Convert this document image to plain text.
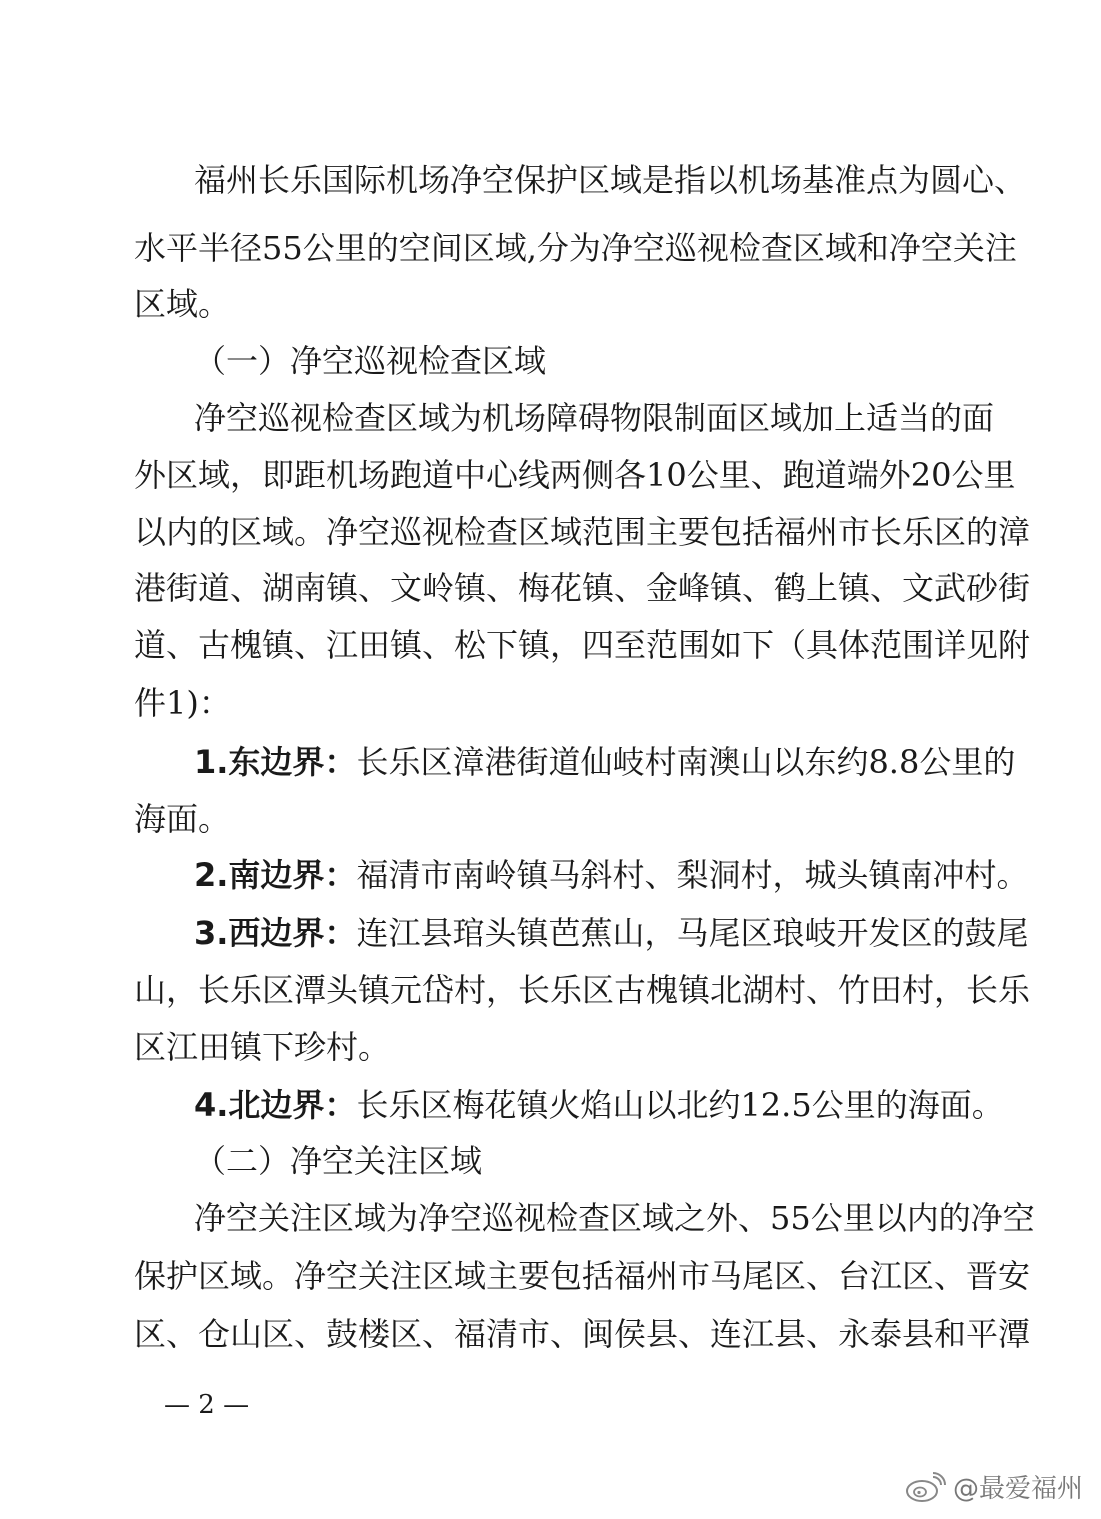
福州长乐国际机场净空保护区域是指以机场基准点为圆心、
水平半径55公里的空间区域,分为净空巡视检查区域和净空关注
区域。
（一）净空巡视检查区域
净空巡视检查区域为机场障碍物限制面区域加上适当的面
外区域，即距机场跑道中心线两侧各10公里、跑道端外20公里
以内的区域。净空巡视检查区域范围主要包括福州市长乐区的漳
港街道、湖南镇、文岭镇、梅花镇、金峰镇、鹤上镇、文武砂街
道、古槐镇、江田镇、松下镇，四至范围如下（具体范围详见附
件1)：
1.东边界：长乐区漳港街道仙岐村南澳山以东约8.8公里的
海面。
2.南边界：福清市南岭镇马斜村、梨洞村，城头镇南冲村。
3.西边界：连江县琯头镇芭蕉山，马尾区琅岐开发区的鼓尾
山，长乐区潭头镇元岱村，长乐区古槐镇北湖村、竹田村，长乐
区江田镇下珍村。
4.北边界：长乐区梅花镇火焰山以北约12.5公里的海面。
（二）净空关注区域
净空关注区域为净空巡视检查区域之外、55公里以内的净空
保护区域。净空关注区域主要包括福州市马尾区、台江区、晋安
区、仓山区、鼓楼区、福清市、闽侯县、连江县、永泰县和平潭
— 2 —
@最爱福州
